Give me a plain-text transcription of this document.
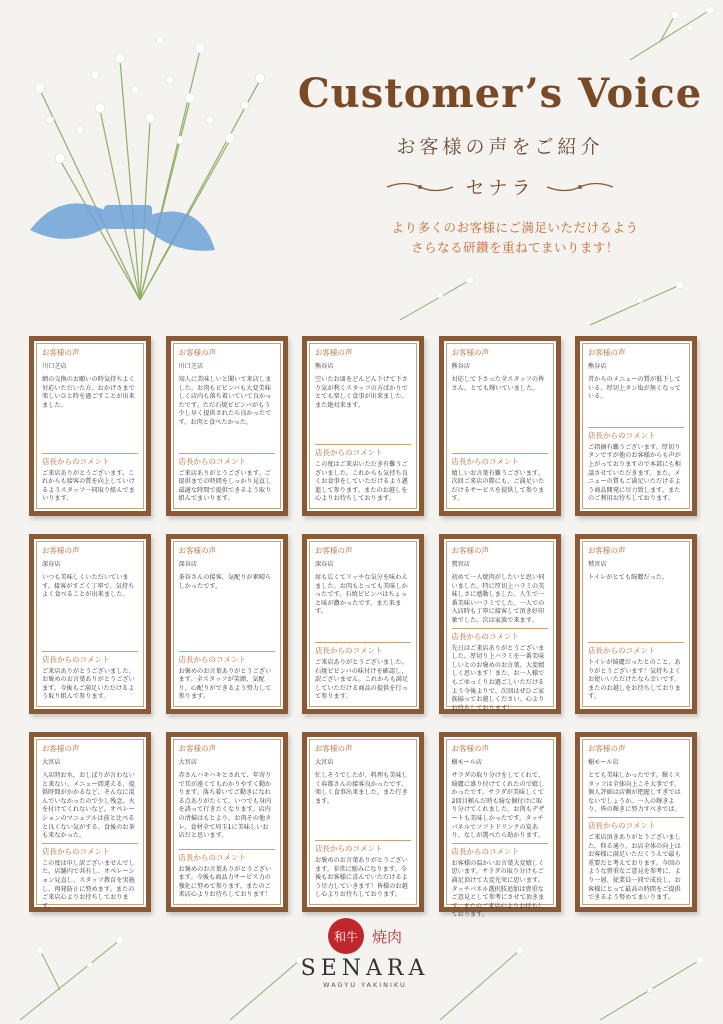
Customer’s Voice
お客様の声をご紹介
セナラ
より多くのお客様にご満足いただけるよう
さらなる研鑽を重ねてまいります！
お客様の声
川口芝店
網の交換のお願いの時気持ちよく対応いただいた方。おかげさまで楽しいひと時を過ごすことが出来ました。
店長からのコメント
ご来店ありがとうございます。これからも接客の質を向上していけるようスタッフ一同取り組んでまいります。
お客様の声
川口芝店
知人に美味しいと聞いて来店しました。お肉もビビンバも大変美味しく店内も落ち着いていて良かったです。ただ石焼ビビンバがもう少し早く提供されたら良かったです。お肉と食べたかった。
店長からのコメント
ご来店ありがとうございます。ご提供までの時間をしっかり見直し最適な時間で提供できるよう取り組んでまいります。
お客様の声
熊谷店
空いたお皿をどんどん下げて下さり気が利くスタッフの方ばかりでとても楽しく食事が出来ました。また絶対来ます。
店長からのコメント
この度はご来店いただき有難うございました。これからも気持ち良くお食事をしていただけるよう邁進して参ります。またのお越しを心よりお待ちしております。
お客様の声
熊谷店
対応して下さった全スタッフの皆さん。とても輝いていました。
店長からのコメント
嬉しいお言葉有難うございます。次回ご来店の際にも、ご満足いただけるサービスを提供して参ります。
お客様の声
熊谷店
昔からのメニューの質が低下している。厚切上タン塩が無くなっている。
店長からのコメント
ご指摘有難うございます。厚切りタンですが他のお客様からも声が上がっておりますので本部にも相談させていただきます。また、メニューの質もご満足いただけるよう商品開発に尽力致します。またのご利用お待ちしております。
お客様の声
深谷店
いつも美味しくいただいています。接客がすごく丁寧で、気持ちよく食べることが出来ました。
店長からのコメント
ご来店ありがとうございました。お褒めのお言葉ありがとうございます。今後もご満足いただけるよう取り組んで参ります。
お客様の声
深谷店
茶谷さんの接客、気配りが素晴らしかったです。
店長からのコメント
お褒めのお言葉ありがとうございます。全スタッフが笑顔、気配り、心配りができるよう努力して参ります。
お客様の声
深谷店
席も広くてリッチな気分を味わえました。お肉もとっても美味しかったです。石焼ビビンバはちょっと味が濃かったです。また来ます。
店長からのコメント
ご来店ありがとうございました。石焼ビビンバの味付けを確認し、訳ございません。これからも満足していただける商品の提供を行って参ります。
お客様の声
鷲宮店
初めて一人焼肉がしたいと思い伺いました。特に厚切上ハラミの美味しさに感動しました。人生で一番美味いハラミでした。一人での入店時も丁寧に接客して頂き好印象でした。次は家族で来ます。
店長からのコメント
先日はご来店ありがとうございました。厚切り上ハラミを一番美味しいとのお褒めのお言葉、大変嬉しく思います！また、お一人様でもごゆっくりお過ごしいただけるよう今後よりで、次回はぜひご家族揃ってお越しください。心よりお待ちしております！
お客様の声
鷲宮店
トイレがとても綺麗だった。
店長からのコメント
トイレが綺麗だったとのこと、ありがとうございます！気持ちよくお使いいただけたなら幸いです。またのお越しをお待ちしております。
お客様の声
大宮店
入店時お水、おしぼりが言わないと来ない。メニュー間違える、提供時間がかかるなど、そんなに混んでいなかったので少し残念。火を付けてくれないなど。オペレーションのマニュアルは前と比べると良くない気がする。食後のお茶も来なかった。
店長からのコメント
この度は申し訳ございませんでした。店舗内で共有し、オペレーション見直し、スタッフ教育を実施し、再発防止に努めます。またのご来店心よりお待ちしております。
お客様の声
大宮店
赤さんハキハキとされて、年寄りで耳が遠くてもわかりやすく動かります。落ち着いてご動きになれる点ありがたくて、いつでも身内を誘って行きたくなります。店内の清掃はもとより、お肉その他タレ、食材全て埼玉1に美味しいお店だと思います。
店長からのコメント
お褒めのお言葉ありがとうございます。今後も商品力サービス力の強化に努めて参ります。またのご来店心よりお待ちしております！
お客様の声
大宮店
忙しそうでしたが、料理も美味しく春都さんの接客良かったです。楽しく食事出来ました。また行きます。
店長からのコメント
お褒めのお言葉ありがとうございます。非常に励みになります。今後もお客様に喜んでいただけるよう尽力していきます！皆様のお越し心よりお待ちしております。
お客様の声
樹モール店
サラダの取り分けをしてくれて、綺麗に盛り付けてくれたので嬉しかったです。サラダが美味しくて2回目頼んだ時も綺な個付けに取り分けてくれました。お肉もデザートも美味しかったです。タッチパネルでソフトドリンクの炭あり、なしが選べたら助かります。
店長からのコメント
お客様の温かいお言葉大変嬉しく思います。サラダの取り分けもご満足頂けて大変光栄に思います。タッチパネル選択肢追加は貴重なご意見として参考にさせて頂きます。またのご来店心よりお待ちしております。
お客様の声
樹モール店
とても美味しかったです。輝くスタッフは全体向上こそ大事です。個人評価は店側が把握しすぎではないでしょうか。一人の輝きより、皆の輝きに努力すべきでは。
店長からのコメント
ご来店頂きありがとうございました。仰る通り、お店全体の向上はお客様に満足いただくうえで最も重要だと考えております。今回のような貴重なご意見を参考に、より一層、従業員一同で成長し、お客様にとって最高の時間をご提供できるよう努めてまいります。
和牛 焼肉
SENARA
WAGYU YAKINIKU
